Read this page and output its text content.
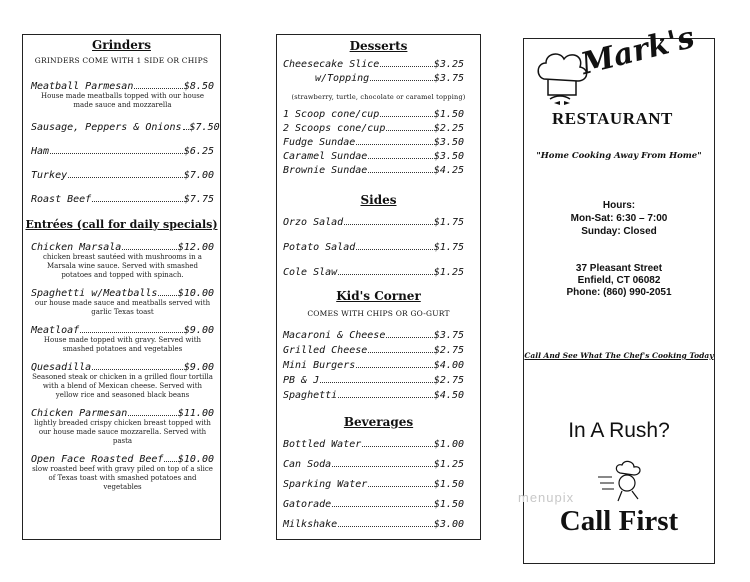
Grinders
GRINDERS COME WITH 1 SIDE OR CHIPS
Meatball Parmesan	$8.50
House made meatballs topped with our house made sauce and mozzarella
Sausage, Peppers & Onions $7.50
Ham	$6.25
Turkey	$7.00
Roast Beef	$7.75
Entrées (call for daily specials)
Chicken Marsala	$12.00
chicken breast sautéed with mushrooms in a Marsala wine sauce. Served with smashed potatoes and topped with spinach.
Spaghetti w/Meatballs $10.00
our house made sauce and meatballs served with garlic Texas toast
Meatloaf	$9.00
House made topped with gravy. Served with smashed potatoes and vegetables
Quesadilla	$9.00
Seasoned steak or chicken in a grilled flour tortilla with a blend of Mexican cheese. Served with yellow rice and seasoned black beans
Chicken Parmesan	$11.00
lightly breaded crispy chicken breast topped with our house made sauce mozzarella. Served with pasta
Open Face Roasted Beef $10.00
slow roasted beef with gravy piled on top of a slice of Texas toast with smashed potatoes and vegetables
Desserts
Cheesecake Slice	$3.25
w/Topping	$3.75
(strawberry, turtle, chocolate or caramel topping)
1 Scoop cone/cup	$1.50
2 Scoops cone/cup	$2.25
Fudge Sundae	$3.50
Caramel Sundae	$3.50
Brownie Sundae	$4.25
Sides
Orzo Salad	$1.75
Potato Salad	$1.75
Cole Slaw	$1.25
Kid's Corner
COMES WITH CHIPS OR GO-GURT
Macaroni & Cheese	$3.75
Grilled Cheese	$2.75
Mini Burgers	$4.00
PB & J	$2.75
Spaghetti	$4.50
Beverages
Bottled Water	$1.00
Can Soda	$1.25
Sparking Water	$1.50
Gatorade	$1.50
Milkshake	$3.00
Mark's
RESTAURANT
"Home Cooking Away From Home"
Hours:
Mon-Sat: 6:30 – 7:00
Sunday: Closed
37 Pleasant Street
Enfield, CT 06082
Phone: (860) 990-2051
Call And See What The Chef's Cooking Today
In A Rush?
Call First
menupix
